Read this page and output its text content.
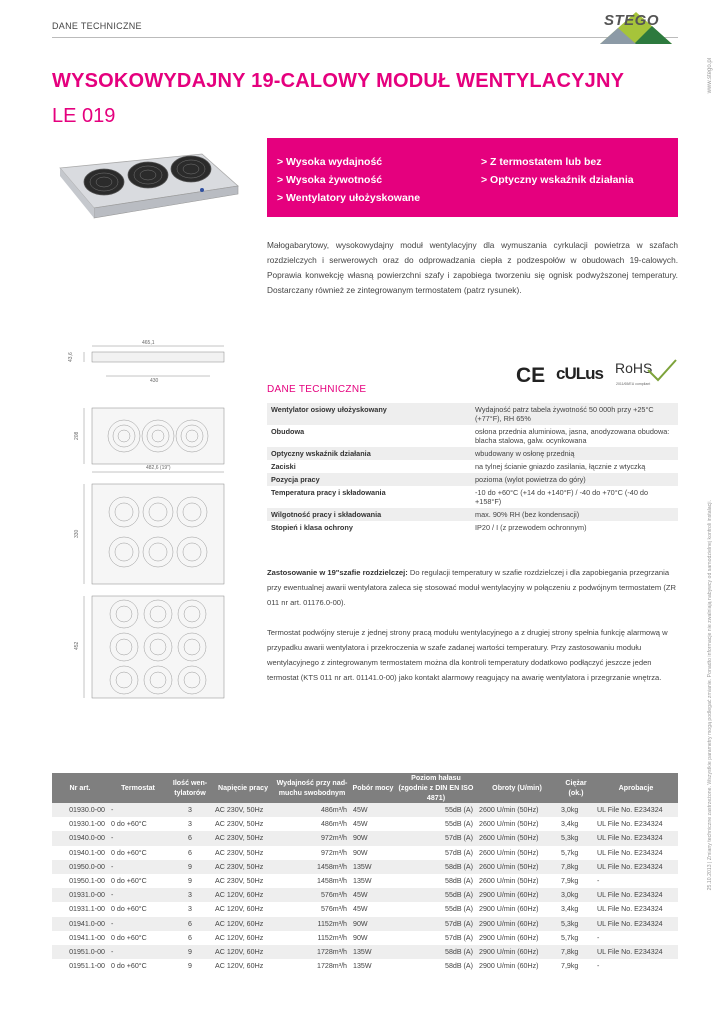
DANE TECHNICZNE	STEGO
www.stego.pl
25.10.2013 | Zmiany techniczne zastrzeżone. Wszystkie parametry mogą podlegać zmianie. Ponadto informacje nie zwalniają nabywcy od samodzielnej kontroli instalacji.
WYSOKOWYDAJNY 19-CALOWY MODUŁ WENTYLACYJNY
LE 019
> Wysoka wydajność
> Wysoka żywotność
> Wentylatory ułożyskowane
> Z termostatem lub bez
> Optyczny wskaźnik działania
Małogabarytowy, wysokowydajny moduł wentylacyjny dla wymuszania cyrkulacji powietrza w szafach rozdzielczych i serwerowych oraz do odprowadzania ciepła z podzespołów w obudowach 19-calowych. Poprawia konwekcję własną powierzchni szafy i zapobiega tworzeniu się ognisk podwyższonej temperatury. Dostarczany również ze zintegrowanym termostatem (patrz rysunek).
465,1
43,6
430
208
482,6 (19")
330
452
CE cULus RoHS
2011/65/EU compliant
DANE TECHNICZNE
Wentylator osiowy ułożyskowany	Wydajność patrz tabela żywotność 50 000h przy +25°C (+77°F), RH 65%
Obudowa	osłona przednia aluminiowa, jasna, anodyzowana obudowa: blacha stalowa, galw. ocynkowana
Optyczny wskaźnik działania	wbudowany w osłonę przednią
Zaciski	na tylnej ścianie gniazdo zasilania, łącznie z wtyczką
Pozycja pracy	pozioma (wylot powietrza do góry)
Temperatura pracy i składowania	-10 do +60°C (+14 do +140°F) / -40 do +70°C (-40 do +158°F)
Wilgotność pracy i składowania	max. 90% RH (bez kondensacji)
Stopień i klasa ochrony	IP20 / I (z przewodem ochronnym)
Zastosowanie w 19"szafie rozdzielczej: Do regulacji temperatury w szafie rozdzielczej i dla zapobiegania przegrzania przy ewentualnej awarii wentylatora zaleca się stosować moduł wentylacyjny w połączeniu z podwójnym termostatem (ZR 011 nr art. 01176.0-00).
Termostat podwójny steruje z jednej strony pracą modułu wentylacyjnego a z drugiej strony spełnia funkcję alarmową w przypadku awarii wentylatora i przekroczenia w szafe zadanej wartości temperatury. Przy zastosowaniu modułu wentylacyjnego z zintegrowanym termostatem można dla kontroli temperatury dodatkowo podłączyć jeszcze jeden termostat (KTS 011 nr art. 01141.0-00) jako kontakt alarmowy reagujący na awarię wentylatora i przegrzanie wnętrza.
Nr art.	Termostat	Ilość wen-tylatorów	Napięcie pracy	Wydajność przy nad-muchu swobodnym	Pobór mocy	Poziom hałasu (zgodnie z DIN EN ISO 4871)	Obroty (U/min)	Ciężar (ok.)	Aprobacje
01930.0-00	-	3	AC 230V, 50Hz	486m³/h	45W	55dB (A)	2600 U/min (50Hz)	3,0kg	UL File No. E234324
01930.1-00	0 do +60°C	3	AC 230V, 50Hz	486m³/h	45W	55dB (A)	2600 U/min (50Hz)	3,4kg	UL File No. E234324
01940.0-00	-	6	AC 230V, 50Hz	972m³/h	90W	57dB (A)	2600 U/min (50Hz)	5,3kg	UL File No. E234324
01940.1-00	0 do +60°C	6	AC 230V, 50Hz	972m³/h	90W	57dB (A)	2600 U/min (50Hz)	5,7kg	UL File No. E234324
01950.0-00	-	9	AC 230V, 50Hz	1458m³/h	135W	58dB (A)	2600 U/min (50Hz)	7,8kg	UL File No. E234324
01950.1-00	0 do +60°C	9	AC 230V, 50Hz	1458m³/h	135W	58dB (A)	2600 U/min (50Hz)	7,9kg	-
01931.0-00	-	3	AC 120V, 60Hz	576m³/h	45W	55dB (A)	2900 U/min (60Hz)	3,0kg	UL File No. E234324
01931.1-00	0 do +60°C	3	AC 120V, 60Hz	576m³/h	45W	55dB (A)	2900 U/min (60Hz)	3,4kg	UL File No. E234324
01941.0-00	-	6	AC 120V, 60Hz	1152m³/h	90W	57dB (A)	2900 U/min (60Hz)	5,3kg	UL File No. E234324
01941.1-00	0 do +60°C	6	AC 120V, 60Hz	1152m³/h	90W	57dB (A)	2900 U/min (60Hz)	5,7kg	-
01951.0-00	-	9	AC 120V, 60Hz	1728m³/h	135W	58dB (A)	2900 U/min (60Hz)	7,8kg	UL File No. E234324
01951.1-00	0 do +60°C	9	AC 120V, 60Hz	1728m³/h	135W	58dB (A)	2900 U/min (60Hz)	7,9kg	-
